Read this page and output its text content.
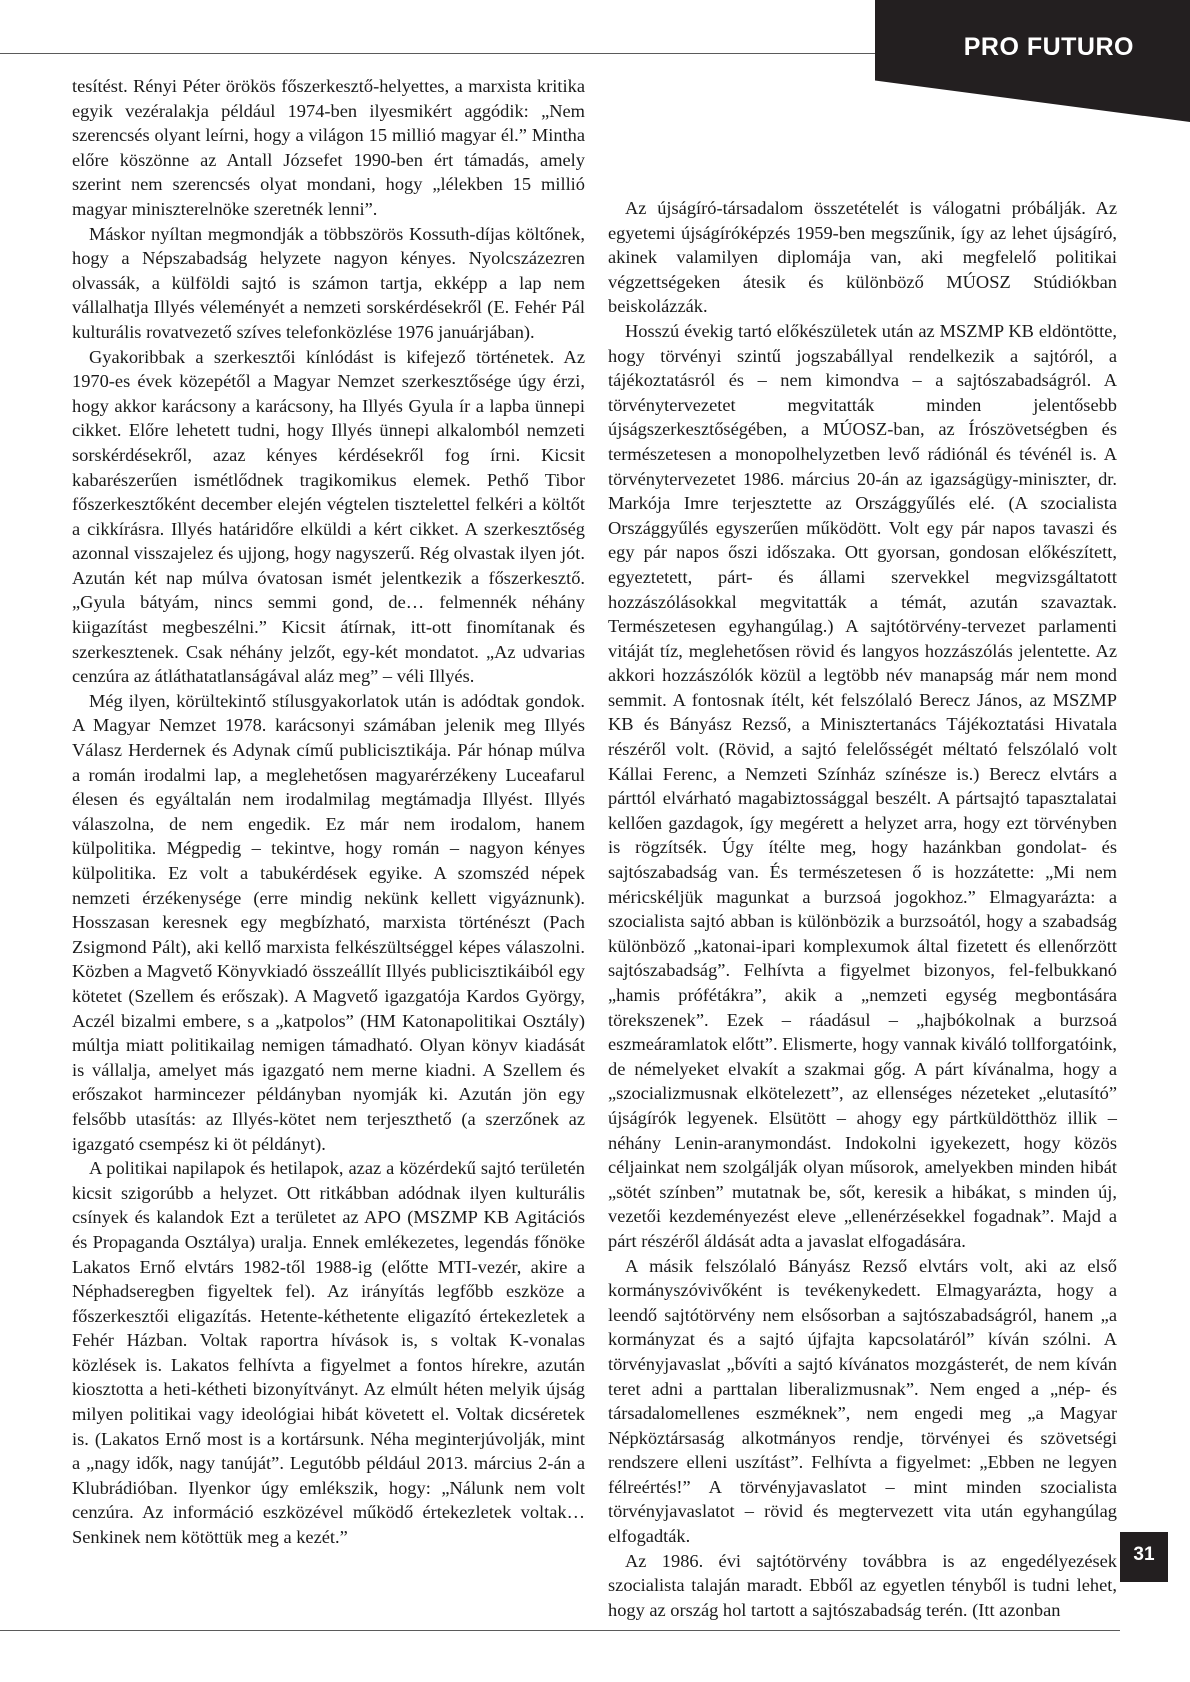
PRO FUTURO

tesítést. Rényi Péter örökös főszerkesztő-helyettes, a marxista kritika egyik vezéralakja például 1974-ben ilyesmikért aggódik: „Nem szerencsés olyant leírni, hogy a világon 15 millió magyar él.” Mintha előre köszönne az Antall Józsefet 1990-ben ért támadás, amely szerint nem szerencsés olyat mondani, hogy „lélekben 15 millió magyar miniszterelnöke szeretnék lenni”.

Máskor nyíltan megmondják a többszörös Kossuth-díjas költőnek, hogy a Népszabadság helyzete nagyon kényes. Nyolcszázezren olvassák, a külföldi sajtó is számon tartja, ekképp a lap nem vállalhatja Illyés véleményét a nemzeti sorskérdésekről (E. Fehér Pál kulturális rovatvezető szíves telefonközlése 1976 januárjában).

Gyakoribbak a szerkesztői kínlódást is kifejező történetek. Az 1970-es évek közepétől a Magyar Nemzet szerkesztősége úgy érzi, hogy akkor karácsony a karácsony, ha Illyés Gyula ír a lapba ünnepi cikket. Előre lehetett tudni, hogy Illyés ünnepi alkalomból nemzeti sorskérdésekről, azaz kényes kérdésekről fog írni. Kicsit kabarészerűen ismétlődnek tragikomikus elemek. Pethő Tibor főszerkesztőként december elején végtelen tisztelettel felkéri a költőt a cikkírásra. Illyés határidőre elküldi a kért cikket. A szerkesztőség azonnal visszajelez és ujjong, hogy nagyszerű. Rég olvastak ilyen jót. Azután két nap múlva óvatosan ismét jelentkezik a főszerkesztő. „Gyula bátyám, nincs semmi gond, de… felmennék néhány kiigazítást megbeszélni.” Kicsit átírnak, itt-ott finomítanak és szerkesztenek. Csak néhány jelzőt, egy-két mondatot. „Az udvarias cenzúra az átláthatatlanságával aláz meg” – véli Illyés.

Még ilyen, körültekintő stílusgyakorlatok után is adódtak gondok. A Magyar Nemzet 1978. karácsonyi számában jelenik meg Illyés Válasz Herdernek és Adynak című publicisztikája. Pár hónap múlva a román irodalmi lap, a meglehetősen magyarérzékeny Luceafarul élesen és egyáltalán nem irodalmilag megtámadja Illyést. Illyés válaszolna, de nem engedik. Ez már nem irodalom, hanem külpolitika. Mégpedig – tekintve, hogy román – nagyon kényes külpolitika. Ez volt a tabukérdések egyike. A szomszéd népek nemzeti érzékenysége (erre mindig nekünk kellett vigyáznunk). Hosszasan keresnek egy megbízható, marxista történészt (Pach Zsigmond Pált), aki kellő marxista felkészültséggel képes válaszolni. Közben a Magvető Könyvkiadó összeállít Illyés publicisztikáiból egy kötetet (Szellem és erőszak). A Magvető igazgatója Kardos György, Aczél bizalmi embere, s a „katpolos” (HM Katonapolitikai Osztály) múltja miatt politikailag nemigen támadható. Olyan könyv kiadását is vállalja, amelyet más igazgató nem merne kiadni. A Szellem és erőszakot harmincezer példányban nyomják ki. Azután jön egy felsőbb utasítás: az Illyés-kötet nem terjeszthető (a szerzőnek az igazgató csempész ki öt példányt).

A politikai napilapok és hetilapok, azaz a közérdekű sajtó területén kicsit szigorúbb a helyzet. Ott ritkábban adódnak ilyen kulturális csínyek és kalandok Ezt a területet az APO (MSZMP KB Agitációs és Propaganda Osztálya) uralja. Ennek emlékezetes, legendás főnöke Lakatos Ernő elvtárs 1982-től 1988-ig (előtte MTI-vezér, akire a Néphadseregben figyeltek fel). Az irányítás legfőbb eszköze a főszerkesztői eligazítás. Hetente-kéthetente eligazító értekezletek a Fehér Házban. Voltak raportra hívások is, s voltak K-vonalas közlések is. Lakatos felhívta a figyelmet a fontos hírekre, azután kiosztotta a heti-kétheti bizonyítványt. Az elmúlt héten melyik újság milyen politikai vagy ideológiai hibát követett el. Voltak dicséretek is. (Lakatos Ernő most is a kortársunk. Néha meginterjúvolják, mint a „nagy idők, nagy tanúját”. Legutóbb például 2013. március 2-án a Klubrádióban. Ilyenkor úgy emlékszik, hogy: „Nálunk nem volt cenzúra. Az információ eszközével működő értekezletek voltak… Senkinek nem kötöttük meg a kezét.”

Az újságíró-társadalom összetételét is válogatni próbálják. Az egyetemi újságíróképzés 1959-ben megszűnik, így az lehet újságíró, akinek valamilyen diplomája van, aki megfelelő politikai végzettségeken átesik és különböző MÚOSZ Stúdiókban beiskolázzák.

Hosszú évekig tartó előkészületek után az MSZMP KB eldöntötte, hogy törvényi szintű jogszabállyal rendelkezik a sajtóról, a tájékoztatásról és – nem kimondva – a sajtószabadságról. A törvénytervezetet megvitatták minden jelentősebb újságszerkesztőségében, a MÚOSZ-ban, az Írószövetségben és természetesen a monopolhelyzetben levő rádiónál és tévénél is. A törvénytervezetet 1986. március 20-án az igazságügy-miniszter, dr. Markója Imre terjesztette az Országgyűlés elé. (A szocialista Országgyűlés egyszerűen működött. Volt egy pár napos tavaszi és egy pár napos őszi időszaka. Ott gyorsan, gondosan előkészített, egyeztetett, párt- és állami szervekkel megvizsgáltatott hozzászólásokkal megvitatták a témát, azután szavaztak. Természetesen egyhangúlag.) A sajtótörvény-tervezet parlamenti vitáját tíz, meglehetősen rövid és langyos hozzászólás jelentette. Az akkori hozzászólók közül a legtöbb név manapság már nem mond semmit. A fontosnak ítélt, két felszólaló Berecz János, az MSZMP KB és Bányász Rezső, a Minisztertanács Tájékoztatási Hivatala részéről volt. (Rövid, a sajtó felelősségét méltató felszólaló volt Kállai Ferenc, a Nemzeti Színház színésze is.) Berecz elvtárs a párttól elvárható magabiztossággal beszélt. A pártsajtó tapasztalatai kellően gazdagok, így megérett a helyzet arra, hogy ezt törvényben is rögzítsék. Úgy ítélte meg, hogy hazánkban gondolat- és sajtószabadság van. És természetesen ő is hozzátette: „Mi nem méricskéljük magunkat a burzsoá jogokhoz.” Elmagyarázta: a szocialista sajtó abban is különbözik a burzsoától, hogy a szabadság különböző „katonai-ipari komplexumok által fizetett és ellenőrzött sajtószabadság”. Felhívta a figyelmet bizonyos, fel-felbukkanó „hamis prófétákra”, akik a „nemzeti egység megbontására törekszenek”. Ezek – ráadásul – „hajbókolnak a burzsoá eszmeáramlatok előtt”. Elismerte, hogy vannak kiváló tollforgatóink, de némelyeket elvakít a szakmai gőg. A párt kívánalma, hogy a „szocializmusnak elkötelezett”, az ellenséges nézeteket „elutasító” újságírók legyenek. Elsütött – ahogy egy pártküldötthöz illik – néhány Lenin-aranymondást. Indokolni igyekezett, hogy közös céljainkat nem szolgálják olyan műsorok, amelyekben minden hibát „sötét színben” mutatnak be, sőt, keresik a hibákat, s minden új, vezetői kezdeményezést eleve „ellenérzésekkel fogadnak”. Majd a párt részéről áldását adta a javaslat elfogadására.

A másik felszólaló Bányász Rezső elvtárs volt, aki az első kormányszóvivőként is tevékenykedett. Elmagyarázta, hogy a leendő sajtótörvény nem elsősorban a sajtószabadságról, hanem „a kormányzat és a sajtó újfajta kapcsolatáról” kíván szólni. A törvényjavaslat „bővíti a sajtó kívánatos mozgásterét, de nem kíván teret adni a parttalan liberalizmusnak”. Nem enged a „nép- és társadalomellenes eszméknek”, nem engedi meg „a Magyar Népköztársaság alkotmányos rendje, törvényei és szövetségi rendszere elleni uszítást”. Felhívta a figyelmet: „Ebben ne legyen félreértés!” A törvényjavaslatot – mint minden szocialista törvényjavaslatot – rövid és megtervezett vita után egyhangúlag elfogadták.

Az 1986. évi sajtótörvény továbbra is az engedélyezések szocialista talaján maradt. Ebből az egyetlen tényből is tudni lehet, hogy az ország hol tartott a sajtószabadság terén. (Itt azonban

31
